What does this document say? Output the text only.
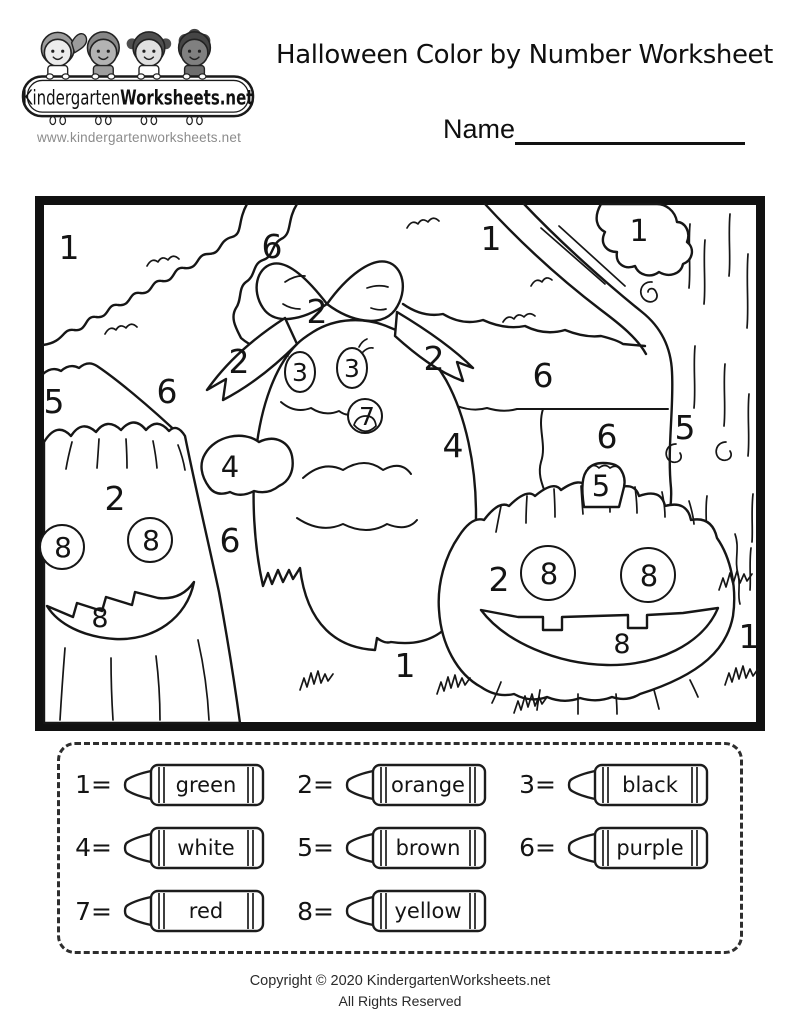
KindergartenWorksheets.net
www.kindergartenworksheets.net
Halloween Color by Number Worksheet
Name
1	6	1	1
2
2	2	6
3 3
7
5	6
4	6 5
4
2
6
5
8	8
8
2 8	8
8
1
1
1=	green 2=	orange 3=	black
4=	white 5=	brown 6=	purple
7=	red	8=	yellow
Copyright © 2020 KindergartenWorksheets.net
All Rights Reserved
